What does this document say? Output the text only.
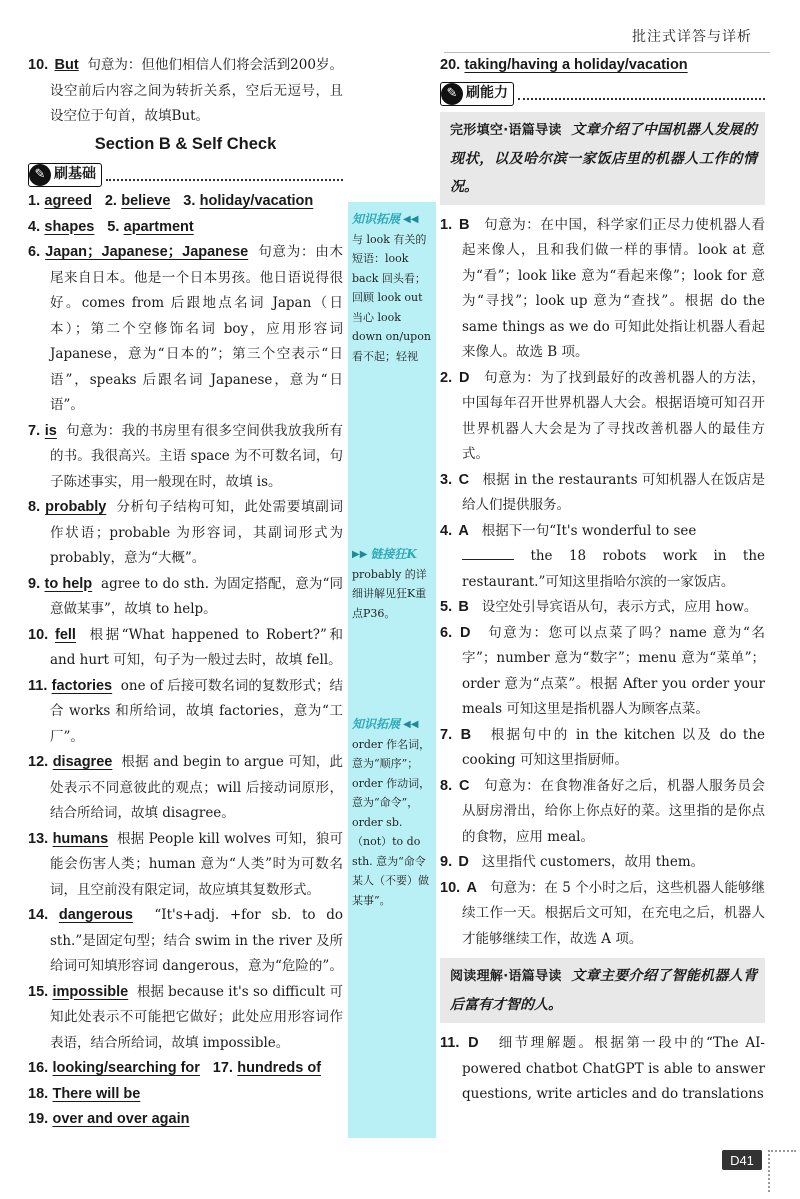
批注式详答与详析

10. But 句意为：但他们相信人们将会活到200岁。设空前后内容之间为转折关系，空后无逗号，且设空位于句首，故填But。

Section B & Self Check
✎ 刷基础

1. agreed 2. believe 3. holiday/vacation

4. shapes 5. apartment

6. Japan；Japanese；Japanese 句意为：由木尾来自日本。他是一个日本男孩。他日语说得很好。comes from 后跟地点名词 Japan（日本）；第二个空修饰名词 boy，应用形容词 Japanese，意为“日本的”；第三个空表示“日语”，speaks 后跟名词 Japanese，意为“日语”。

7. is 句意为：我的书房里有很多空间供我放我所有的书。我很高兴。主语 space 为不可数名词，句子陈述事实，用一般现在时，故填 is。

8. probably 分析句子结构可知，此处需要填副词作状语；probable 为形容词，其副词形式为 probably，意为“大概”。

9. to help agree to do sth. 为固定搭配，意为“同意做某事”，故填 to help。

10. fell 根据“What happened to Robert?”和 and hurt 可知，句子为一般过去时，故填 fell。

11. factories one of 后接可数名词的复数形式；结合 works 和所给词，故填 factories，意为“工厂”。

12. disagree 根据 and begin to argue 可知，此处表示不同意彼此的观点；will 后接动词原形，结合所给词，故填 disagree。

13. humans 根据 People kill wolves 可知，狼可能会伤害人类；human 意为“人类”时为可数名词，且空前没有限定词，故应填其复数形式。

14. dangerous “It's+adj. +for sb. to do sth.”是固定句型；结合 swim in the river 及所给词可知填形容词 dangerous，意为“危险的”。

15. impossible 根据 because it's so difficult 可知此处表示不可能把它做好；此处应用形容词作表语，结合所给词，故填 impossible。

16. looking/searching for 17. hundreds of

18. There will be

19. over and over again

知识拓展 ◀◀
与 look 有关的短语：look back 回头看；回顾 look out 当心 look down on/upon 看不起；轻视
▶▶ 链接狂K
probably 的详细讲解见狂K重点P36。
知识拓展 ◀◀
order 作名词，意为“顺序”；order 作动词，意为“命令”，order sb.（not）to do sth. 意为“命令某人（不要）做某事”。

20. taking/having a holiday/vacation

✎ 刷能力
完形填空·语篇导读 文章介绍了中国机器人发展的现状，以及哈尔滨一家饭店里的机器人工作的情况。

1. B 句意为：在中国，科学家们正尽力使机器人看起来像人，且和我们做一样的事情。look at 意为“看”；look like 意为“看起来像”；look for 意为“寻找”；look up 意为“查找”。根据 do the same things as we do 可知此处指让机器人看起来像人。故选 B 项。

2. D 句意为：为了找到最好的改善机器人的方法，中国每年召开世界机器人大会。根据语境可知召开世界机器人大会是为了寻找改善机器人的最佳方式。

3. C 根据 in the restaurants 可知机器人在饭店是给人们提供服务。

4. A 根据下一句“It's wonderful to see
the 18 robots work in the restaurant.”可知这里指哈尔滨的一家饭店。

5. B 设空处引导宾语从句，表示方式，应用 how。

6. D 句意为：您可以点菜了吗？name 意为“名字”；number 意为“数字”；menu 意为“菜单”；order 意为“点菜”。根据 After you order your meals 可知这里是指机器人为顾客点菜。

7. B 根据句中的 in the kitchen 以及 do the cooking 可知这里指厨师。

8. C 句意为：在食物准备好之后，机器人服务员会从厨房滑出，给你上你点好的菜。这里指的是你点的食物，应用 meal。

9. D 这里指代 customers，故用 them。

10. A 句意为：在 5 个小时之后，这些机器人能够继续工作一天。根据后文可知，在充电之后，机器人才能够继续工作，故选 A 项。

阅读理解·语篇导读 文章主要介绍了智能机器人背后富有才智的人。

11. D 细节理解题。根据第一段中的“The AI-powered chatbot ChatGPT is able to answer questions, write articles and do translations

D41
